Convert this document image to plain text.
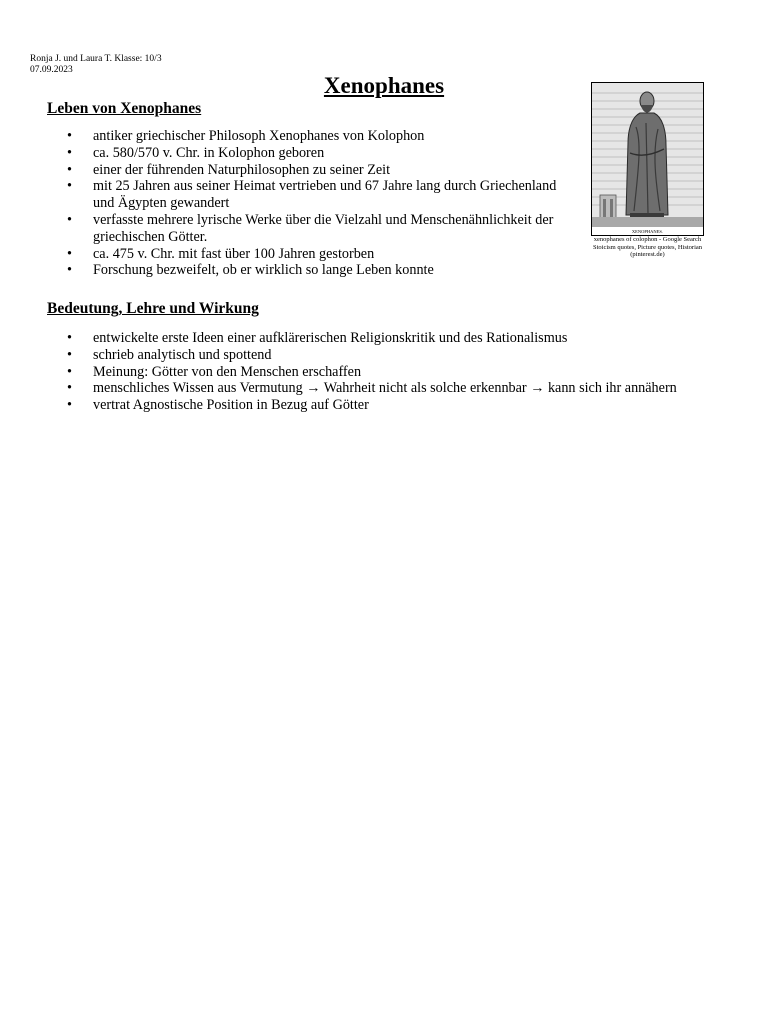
Ronja J. und Laura T. Klasse: 10/3
07.09.2023
Xenophanes
Leben von Xenophanes
• antiker griechischer Philosoph Xenophanes von Kolophon
• ca. 580/570 v. Chr. in Kolophon geboren
• einer der führenden Naturphilosophen zu seiner Zeit
• mit 25 Jahren aus seiner Heimat vertrieben und 67 Jahre lang durch Griechenland und Ägypten gewandert
• verfasste mehrere lyrische Werke über die Vielzahl und Menschenähnlichkeit der griechischen Götter.
• ca. 475 v. Chr. mit fast über 100 Jahren gestorben
• Forschung bezweifelt, ob er wirklich so lange Leben konnte
Bedeutung, Lehre und Wirkung
• entwickelte erste Ideen einer aufklärerischen Religionskritik und des Rationalismus
• schrieb analytisch und spottend
• Meinung: Götter von den Menschen erschaffen
• menschliches Wissen aus Vermutung → Wahrheit nicht als solche erkennbar → kann sich ihr annähern
• vertrat Agnostische Position in Bezug auf Götter
XENOPHANES.
xenophanes of colophon - Google Search
Stoicism quotes, Picture quotes, Historian
(pinterest.de)
